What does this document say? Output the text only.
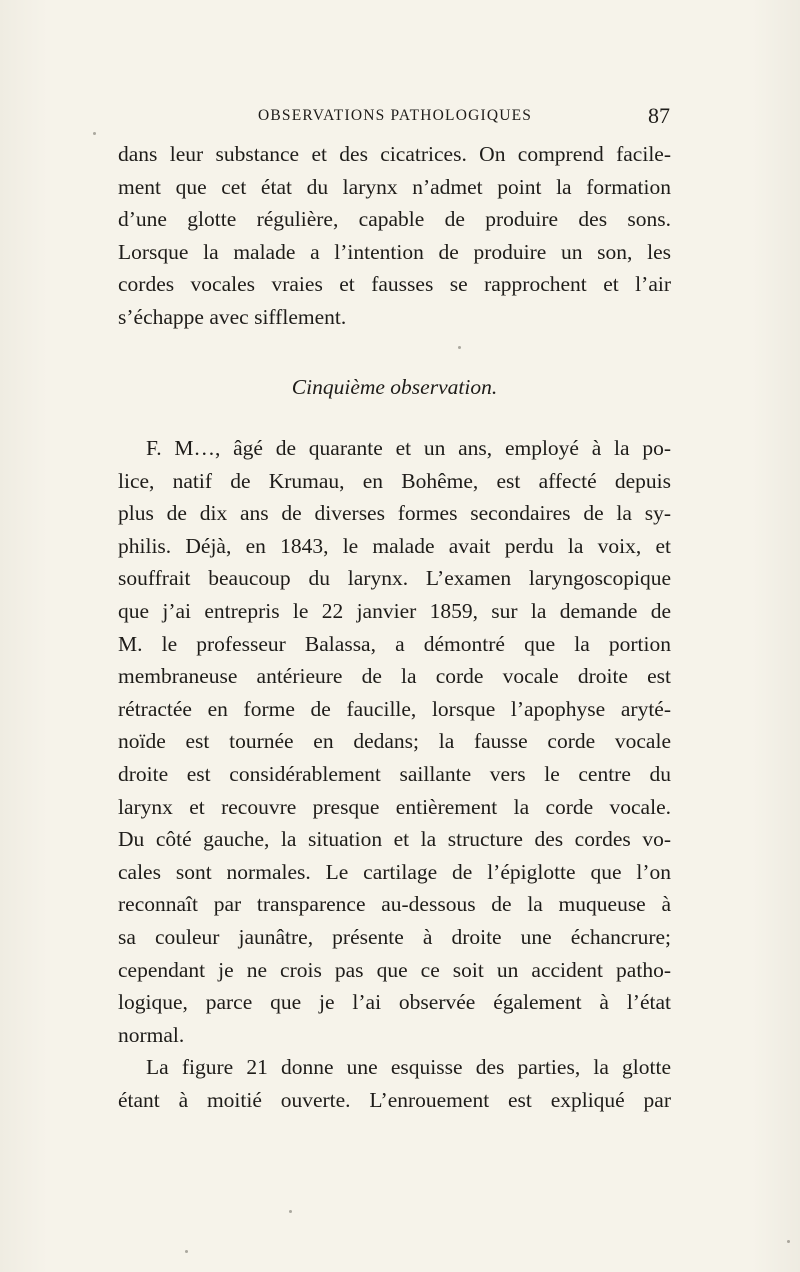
OBSERVATIONS PATHOLOGIQUES	87

dans leur substance et des cicatrices. On comprend facile-
ment que cet état du larynx n’admet point la formation
d’une glotte régulière, capable de produire des sons.
Lorsque la malade a l’intention de produire un son, les
cordes vocales vraies et fausses se rapprochent et l’air
s’échappe avec sifflement.

Cinquième observation.

F. M…, âgé de quarante et un ans, employé à la po-
lice, natif de Krumau, en Bohême, est affecté depuis
plus de dix ans de diverses formes secondaires de la sy-
philis. Déjà, en 1843, le malade avait perdu la voix, et
souffrait beaucoup du larynx. L’examen laryngoscopique
que j’ai entrepris le 22 janvier 1859, sur la demande de
M. le professeur Balassa, a démontré que la portion
membraneuse antérieure de la corde vocale droite est
rétractée en forme de faucille, lorsque l’apophyse aryté-
noïde est tournée en dedans; la fausse corde vocale
droite est considérablement saillante vers le centre du
larynx et recouvre presque entièrement la corde vocale.
Du côté gauche, la situation et la structure des cordes vo-
cales sont normales. Le cartilage de l’épiglotte que l’on
reconnaît par transparence au-dessous de la muqueuse à
sa couleur jaunâtre, présente à droite une échancrure;
cependant je ne crois pas que ce soit un accident patho-
logique, parce que je l’ai observée également à l’état
normal.

La figure 21 donne une esquisse des parties, la glotte
étant à moitié ouverte. L’enrouement est expliqué par
